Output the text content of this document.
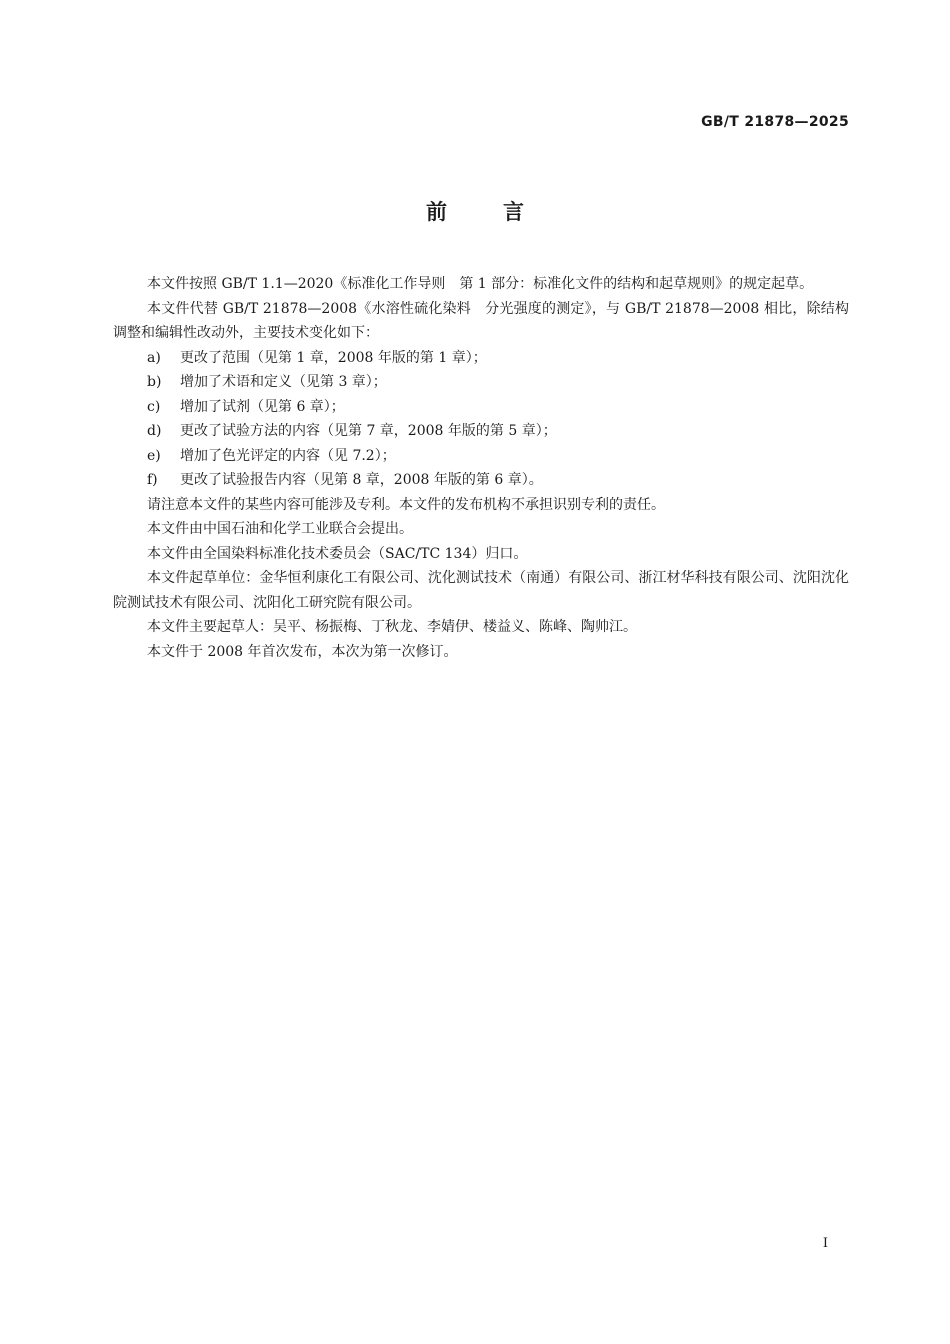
GB/T 21878—2025
前言

本文件按照 GB/T 1.1—2020《标准化工作导则　第 1 部分：标准化文件的结构和起草规则》的规定起草。

本文件代替 GB/T 21878—2008《水溶性硫化染料　分光强度的测定》，与 GB/T 21878—2008 相比，除结构调整和编辑性改动外，主要技术变化如下：

a)	更改了范围（见第 1 章，2008 年版的第 1 章）；
b)	增加了术语和定义（见第 3 章）；
c)	增加了试剂（见第 6 章）；
d)	更改了试验方法的内容（见第 7 章，2008 年版的第 5 章）；
e)	增加了色光评定的内容（见 7.2）；
f)	更改了试验报告内容（见第 8 章，2008 年版的第 6 章）。

请注意本文件的某些内容可能涉及专利。本文件的发布机构不承担识别专利的责任。

本文件由中国石油和化学工业联合会提出。

本文件由全国染料标准化技术委员会（SAC/TC 134）归口。

本文件起草单位：金华恒利康化工有限公司、沈化测试技术（南通）有限公司、浙江材华科技有限公司、沈阳沈化院测试技术有限公司、沈阳化工研究院有限公司。

本文件主要起草人：吴平、杨振梅、丁秋龙、李婧伊、楼益义、陈峰、陶帅江。

本文件于 2008 年首次发布，本次为第一次修订。

I
